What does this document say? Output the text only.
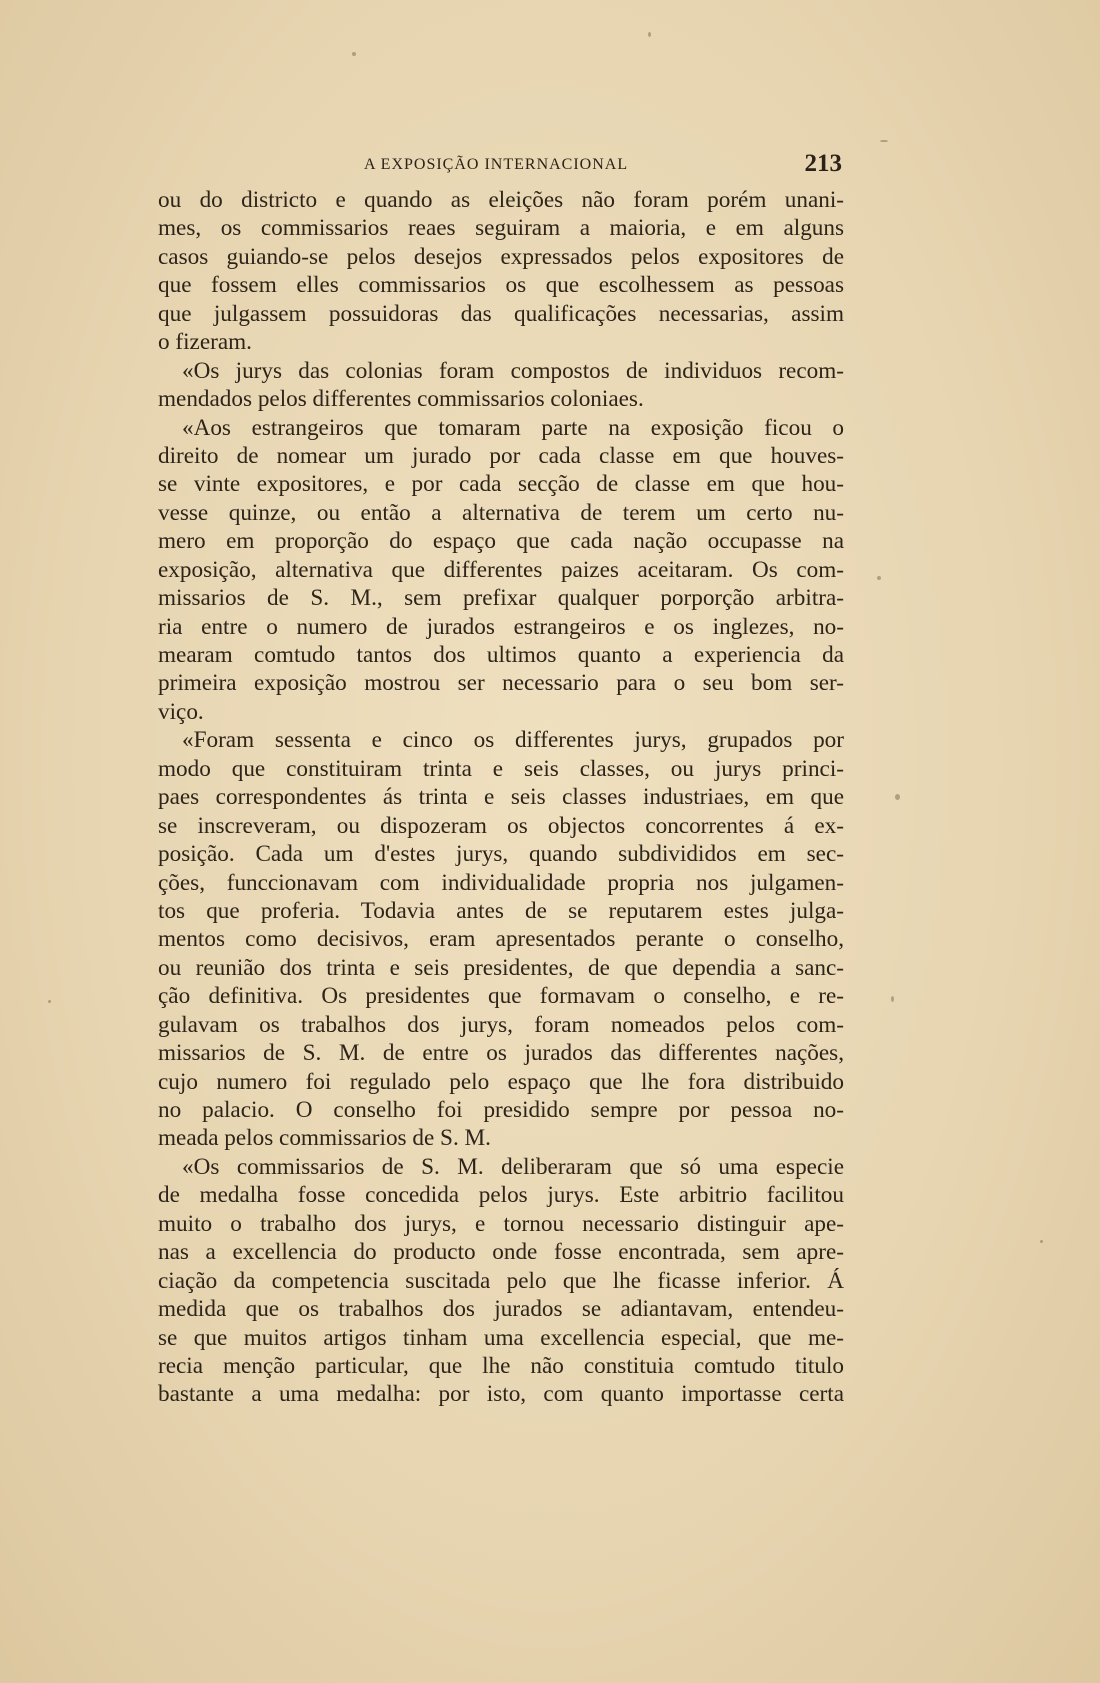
A EXPOSIÇÃO INTERNACIONAL	213
ou do districto e quando as eleições não foram porém unani-
mes, os commissarios reaes seguiram a maioria, e em alguns
casos guiando-se pelos desejos expressados pelos expositores de
que fossem elles commissarios os que escolhessem as pessoas
que julgassem possuidoras das qualificações necessarias, assim
o fizeram.
«Os jurys das colonias foram compostos de individuos recom-
mendados pelos differentes commissarios coloniaes.
«Aos estrangeiros que tomaram parte na exposição ficou o
direito de nomear um jurado por cada classe em que houves-
se vinte expositores, e por cada secção de classe em que hou-
vesse quinze, ou então a alternativa de terem um certo nu-
mero em proporção do espaço que cada nação occupasse na
exposição, alternativa que differentes paizes aceitaram. Os com-
missarios de S. M., sem prefixar qualquer porporção arbitra-
ria entre o numero de jurados estrangeiros e os inglezes, no-
mearam comtudo tantos dos ultimos quanto a experiencia da
primeira exposição mostrou ser necessario para o seu bom ser-
viço.
«Foram sessenta e cinco os differentes jurys, grupados por
modo que constituiram trinta e seis classes, ou jurys princi-
paes correspondentes ás trinta e seis classes industriaes, em que
se inscreveram, ou dispozeram os objectos concorrentes á ex-
posição. Cada um d'estes jurys, quando subdivididos em sec-
ções, funccionavam com individualidade propria nos julgamen-
tos que proferia. Todavia antes de se reputarem estes julga-
mentos como decisivos, eram apresentados perante o conselho,
ou reunião dos trinta e seis presidentes, de que dependia a sanc-
ção definitiva. Os presidentes que formavam o conselho, e re-
gulavam os trabalhos dos jurys, foram nomeados pelos com-
missarios de S. M. de entre os jurados das differentes nações,
cujo numero foi regulado pelo espaço que lhe fora distribuido
no palacio. O conselho foi presidido sempre por pessoa no-
meada pelos commissarios de S. M.
«Os commissarios de S. M. deliberaram que só uma especie
de medalha fosse concedida pelos jurys. Este arbitrio facilitou
muito o trabalho dos jurys, e tornou necessario distinguir ape-
nas a excellencia do producto onde fosse encontrada, sem apre-
ciação da competencia suscitada pelo que lhe ficasse inferior. Á
medida que os trabalhos dos jurados se adiantavam, entendeu-
se que muitos artigos tinham uma excellencia especial, que me-
recia menção particular, que lhe não constituia comtudo titulo
bastante a uma medalha: por isto, com quanto importasse certa
